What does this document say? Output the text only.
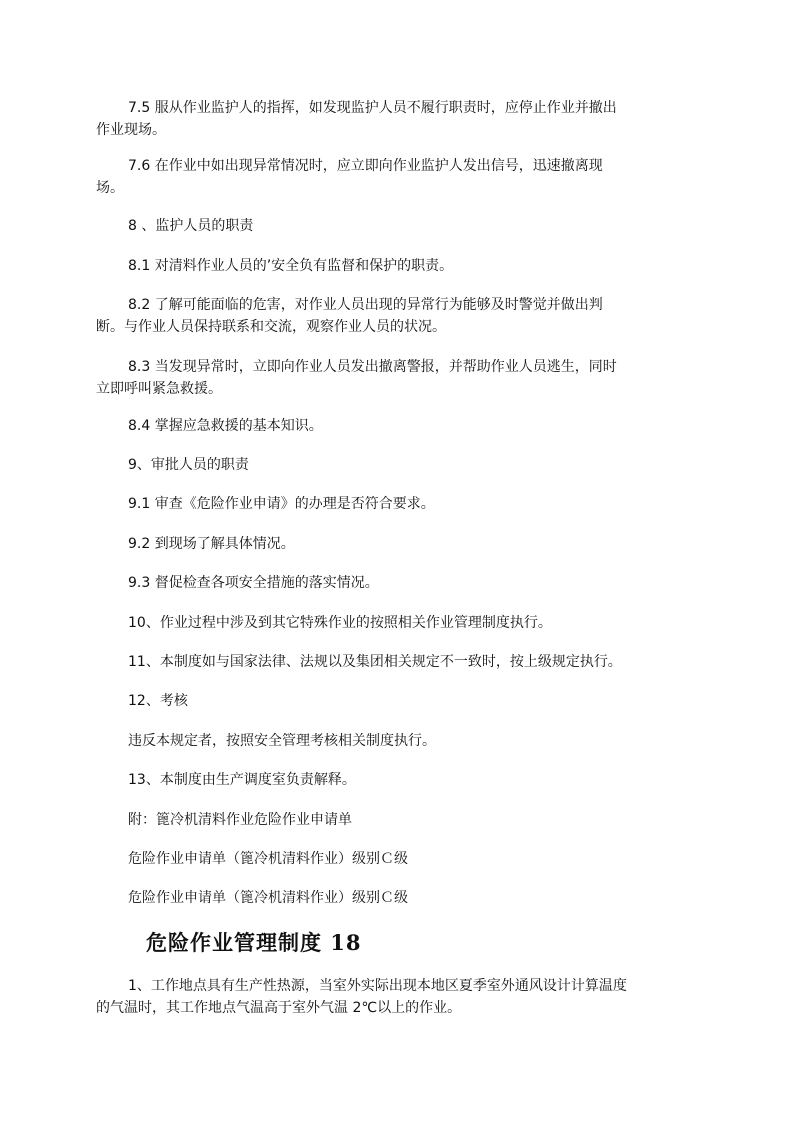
7.5 服从作业监护人的指挥，如发现监护人员不履行职责时，应停止作业并撤出
作业现场。

7.6 在作业中如出现异常情况时，应立即向作业监护人发出信号，迅速撤离现
场。

8 、监护人员的职责

8.1 对清料作业人员的’安全负有监督和保护的职责。

8.2 了解可能面临的危害，对作业人员出现的异常行为能够及时警觉并做出判
断。与作业人员保持联系和交流，观察作业人员的状况。

8.3 当发现异常时，立即向作业人员发出撤离警报，并帮助作业人员逃生，同时
立即呼叫紧急救援。

8.4 掌握应急救援的基本知识。

9、审批人员的职责

9.1 审查《危险作业申请》的办理是否符合要求。

9.2 到现场了解具体情况。

9.3 督促检查各项安全措施的落实情况。

10、作业过程中涉及到其它特殊作业的按照相关作业管理制度执行。

11、本制度如与国家法律、法规以及集团相关规定不一致时，按上级规定执行。

12、考核

违反本规定者，按照安全管理考核相关制度执行。

13、本制度由生产调度室负责解释。

附：篦冷机清料作业危险作业申请单

危险作业申请单（篦冷机清料作业）级别Ｃ级

危险作业申请单（篦冷机清料作业）级别Ｃ级

危险作业管理制度 18

1、工作地点具有生产性热源，当室外实际出现本地区夏季室外通风设计计算温度
的气温时，其工作地点气温高于室外气温 2℃以上的作业。
